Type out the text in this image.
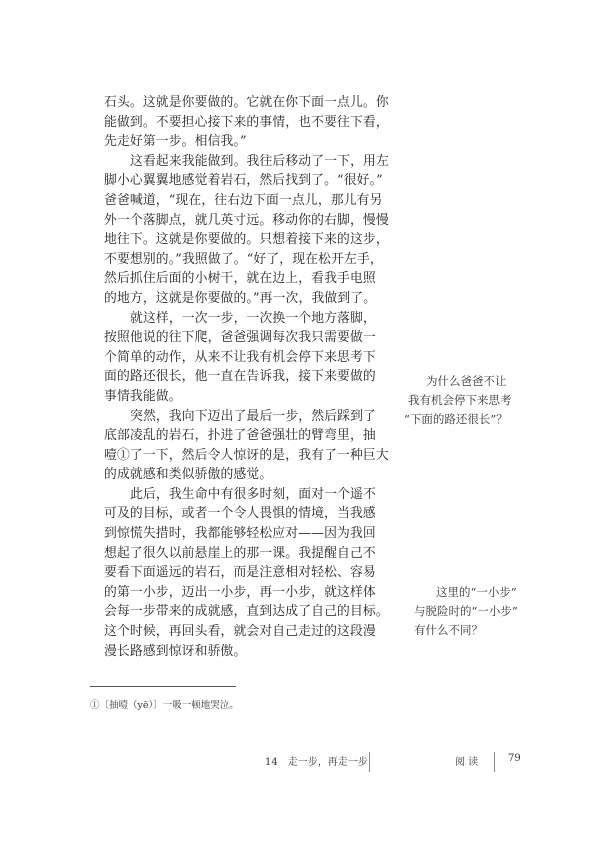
石头。这就是你要做的。它就在你下面一点儿。你
能做到。不要担心接下来的事情，也不要往下看，
先走好第一步。相信我。”
这看起来我能做到。我往后移动了一下，用左
脚小心翼翼地感觉着岩石，然后找到了。“很好。”
爸爸喊道，“现在，往右边下面一点儿，那儿有另
外一个落脚点，就几英寸远。移动你的右脚，慢慢
地往下。这就是你要做的。只想着接下来的这步，
不要想别的。”我照做了。“好了，现在松开左手，
然后抓住后面的小树干，就在边上，看我手电照
的地方，这就是你要做的。”再一次，我做到了。
就这样，一次一步，一次换一个地方落脚，
按照他说的往下爬，爸爸强调每次我只需要做一
个简单的动作，从来不让我有机会停下来思考下
面的路还很长，他一直在告诉我，接下来要做的
事情我能做。
突然，我向下迈出了最后一步，然后踩到了
底部凌乱的岩石，扑进了爸爸强壮的臂弯里，抽
噎①了一下，然后令人惊讶的是，我有了一种巨大
的成就感和类似骄傲的感觉。
此后，我生命中有很多时刻，面对一个遥不
可及的目标，或者一个令人畏惧的情境，当我感
到惊慌失措时，我都能够轻松应对——因为我回
想起了很久以前悬崖上的那一课。我提醒自己不
要看下面遥远的岩石，而是注意相对轻松、容易
的第一小步，迈出一小步，再一小步，就这样体
会每一步带来的成就感，直到达成了自己的目标。
这个时候，再回头看，就会对自己走过的这段漫
漫长路感到惊讶和骄傲。
为什么爸爸不让
我有机会停下来思考
“下面的路还很长”？
这里的“一小步”
与脱险时的“一小步”
有什么不同？
①〔抽噎（yē）〕一吸一顿地哭泣。
14　走一步，再走一步	阅 读	79
